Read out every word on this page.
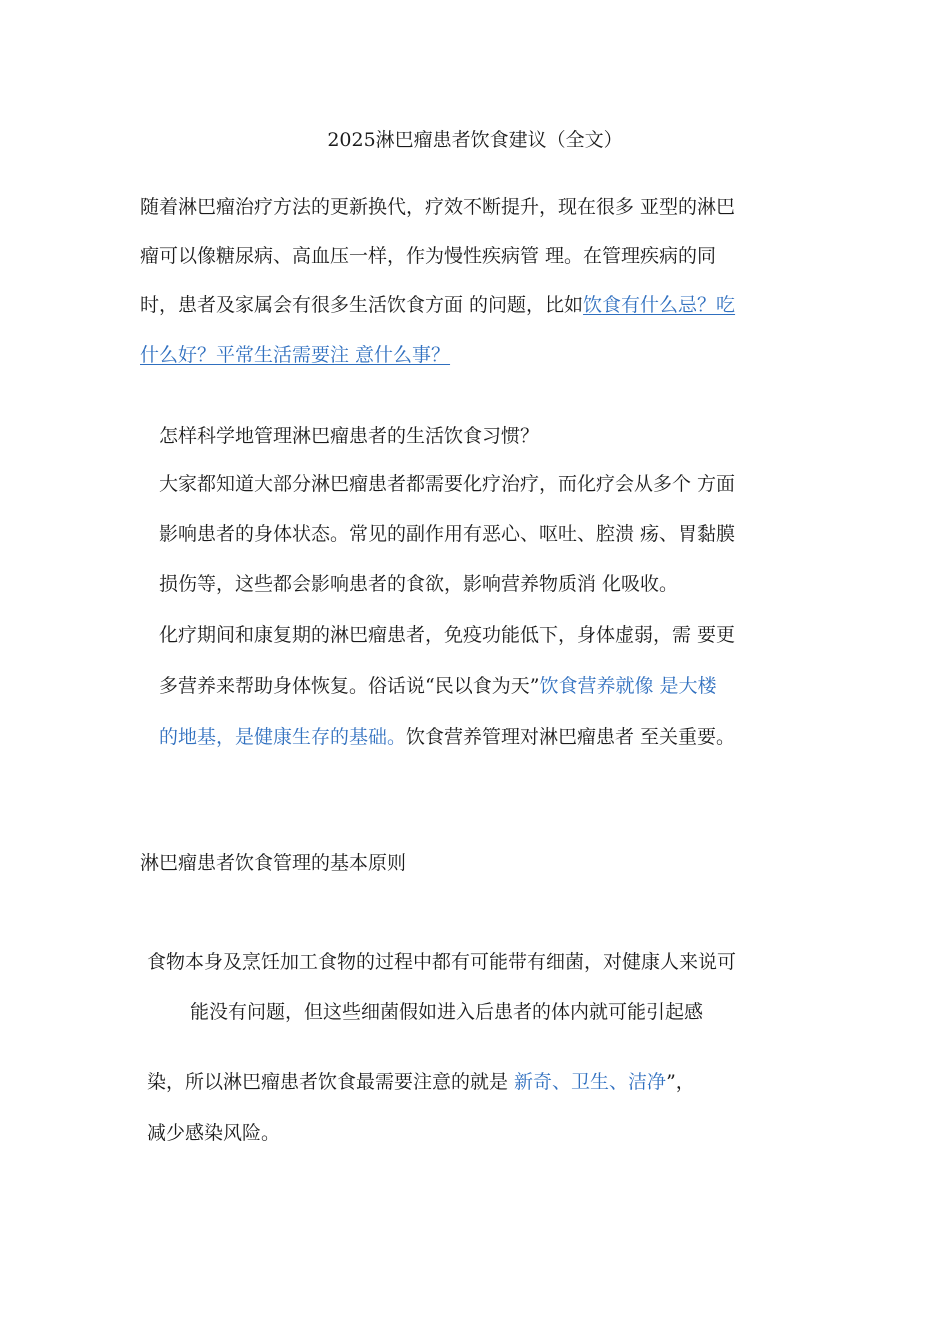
2025淋巴瘤患者饮食建议（全文）

随着淋巴瘤治疗方法的更新换代，疗效不断提升，现在很多 亚型的淋巴

瘤可以像糖尿病、高血压一样，作为慢性疾病管 理。在管理疾病的同

时，患者及家属会有很多生活饮食方面 的问题，比如饮食有什么忌？吃

什么好？平常生活需要注 意什么事？

怎样科学地管理淋巴瘤患者的生活饮食习惯？

大家都知道大部分淋巴瘤患者都需要化疗治疗，而化疗会从多个 方面

影响患者的身体状态。常见的副作用有恶心、呕吐、腔溃 疡、胃黏膜

损伤等，这些都会影响患者的食欲，影响营养物质消 化吸收。

化疗期间和康复期的淋巴瘤患者，免疫功能低下，身体虚弱，需 要更

多营养来帮助身体恢复。俗话说“民以食为天”饮食营养就像 是大楼

的地基，是健康生存的基础。饮食营养管理对淋巴瘤患者 至关重要。

淋巴瘤患者饮食管理的基本原则

食物本身及烹饪加工食物的过程中都有可能带有细菌，对健康人来说可

能没有问题，但这些细菌假如进入后患者的体内就可能引起感

染，所以淋巴瘤患者饮食最需要注意的就是 新奇、卫生、洁净”，

减少感染风险。
